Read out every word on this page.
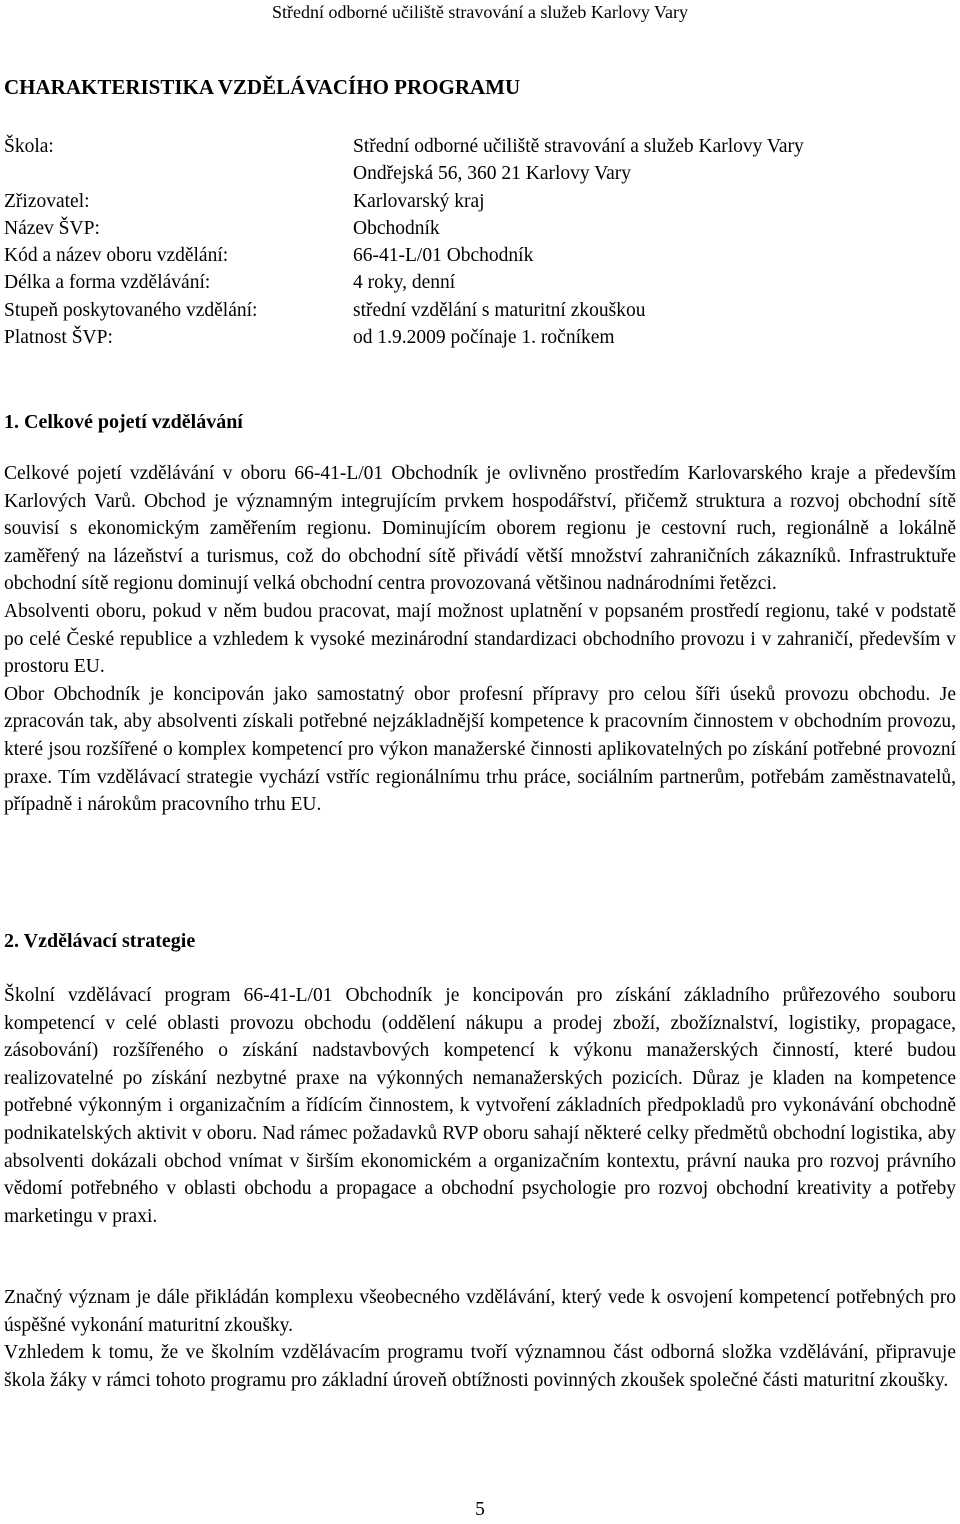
Střední odborné učiliště stravování a služeb Karlovy Vary
CHARAKTERISTIKA VZDĚLÁVACÍHO PROGRAMU
Škola:	Střední odborné učiliště stravování a služeb Karlovy Vary
Ondřejská 56, 360 21 Karlovy Vary
Zřizovatel:	Karlovarský kraj
Název ŠVP:	Obchodník
Kód a název oboru vzdělání:	66-41-L/01 Obchodník
Délka a forma vzdělávání:	4 roky, denní
Stupeň poskytovaného vzdělání:	střední vzdělání s maturitní zkouškou
Platnost ŠVP:	od 1.9.2009 počínaje 1. ročníkem
1. Celkové pojetí vzdělávání

Celkové pojetí vzdělávání v oboru 66-41-L/01 Obchodník je ovlivněno prostředím Karlovarského kraje a především Karlových Varů. Obchod je významným integrujícím prvkem hospodářství, přičemž struktura a rozvoj obchodní sítě souvisí s ekonomickým zaměřením regionu. Dominujícím oborem regionu je cestovní ruch, regionálně a lokálně zaměřený na lázeňství a turismus, což do obchodní sítě přivádí větší množství zahraničních zákazníků. Infrastruktuře obchodní sítě regionu dominují velká obchodní centra provozovaná většinou nadnárodními řetězci.

Absolventi oboru, pokud v něm budou pracovat, mají možnost uplatnění v popsaném prostředí regionu, také v podstatě po celé České republice a vzhledem k vysoké mezinárodní standardizaci obchodního provozu i v zahraničí, především v prostoru EU.

Obor Obchodník je koncipován jako samostatný obor profesní přípravy pro celou šíři úseků provozu obchodu. Je zpracován tak, aby absolventi získali potřebné nejzákladnější kompetence k pracovním činnostem v obchodním provozu, které jsou rozšířené o komplex kompetencí pro výkon manažerské činnosti aplikovatelných po získání potřebné provozní praxe. Tím vzdělávací strategie vychází vstříc regionálnímu trhu práce, sociálním partnerům, potřebám zaměstnavatelů, případně i nárokům pracovního trhu EU.

2. Vzdělávací strategie

Školní vzdělávací program 66-41-L/01 Obchodník je koncipován pro získání základního průřezového souboru kompetencí v celé oblasti provozu obchodu (oddělení nákupu a prodej zboží, zbožíznalství, logistiky, propagace, zásobování) rozšířeného o získání nadstavbových kompetencí k výkonu manažerských činností, které budou realizovatelné po získání nezbytné praxe na výkonných nemanažerských pozicích. Důraz je kladen na kompetence potřebné výkonným i organizačním a řídícím činnostem, k vytvoření základních předpokladů pro vykonávání obchodně podnikatelských aktivit v oboru. Nad rámec požadavků RVP oboru sahají některé celky předmětů obchodní logistika, aby absolventi dokázali obchod vnímat v širším ekonomickém a organizačním kontextu, právní nauka pro rozvoj právního vědomí potřebného v oblasti obchodu a propagace a obchodní psychologie pro rozvoj obchodní kreativity a potřeby marketingu v praxi.

Značný význam je dále přikládán komplexu všeobecného vzdělávání, který vede k osvojení kompetencí potřebných pro úspěšné vykonání maturitní zkoušky.

Vzhledem k tomu, že ve školním vzdělávacím programu tvoří významnou část odborná složka vzdělávání, připravuje škola žáky v rámci tohoto programu pro základní úroveň obtížnosti povinných zkoušek společné části maturitní zkoušky.

5
